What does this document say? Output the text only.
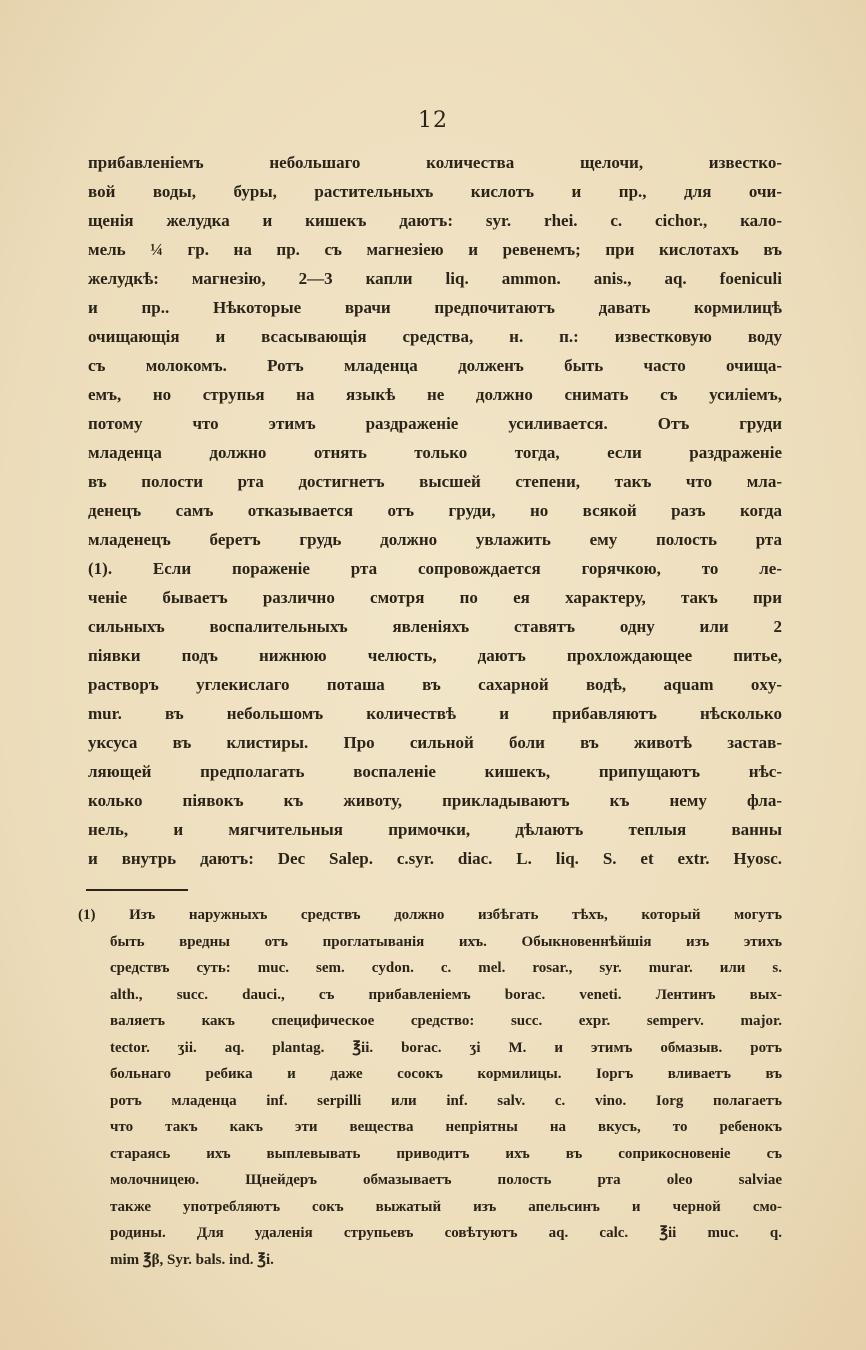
12
прибавленіемъ небольшаго количества щелочи, известко-
вой воды, буры, растительныхъ кислотъ и пр., для очи-
щенія желудка и кишекъ даютъ: syr. rhei. c. cichor., калo-
мель ¼ гр. на пр. съ магнезіею и ревенемъ; при кислотахъ въ
желудкѣ: магнезію, 2—3 капли liq. ammon. anis., aq. foeniculi
и пр.. Нѣкоторые врачи предпочитаютъ давать кормилицѣ
очищающія и всасывающія средства, н. п.: известковую воду
съ молокомъ. Ротъ младенца долженъ быть часто очища-
емъ, но струпья на языкѣ не должно снимать съ усиліемъ,
потому что этимъ раздраженіе усиливается. Отъ груди
младенца должно отнять только тогда, если раздраженіе
въ полости рта достигнетъ высшей степени, такъ что мла-
денецъ самъ отказывается отъ груди, но всякой разъ когда
младенецъ беретъ грудь должно увлажить ему полость рта
(1). Если пораженіе рта сопровождается горячкою, то ле-
ченіе бываетъ различно смотря по ея характеру, такъ при
сильныхъ воспалительныхъ явленіяхъ ставятъ одну или 2
піявки подъ нижнюю челюсть, даютъ прохлождающее питье,
растворъ углекислаго поташа въ сахарной водѣ, aquam oxy-
mur. въ небольшомъ количествѣ и прибавляютъ нѣсколько
уксуса въ клистиры. Про сильной боли въ животѣ застав-
ляющей предполагать воспаленіе кишекъ, припущаютъ нѣс-
колько піявокъ къ животу, прикладываютъ къ нему фла-
нель, и мягчительныя примочки, дѣлаютъ теплыя ванны
и внутрь даютъ: Dec Salep. c.syr. diac. L. liq. S. et extr. Hyosc.
(1) Изъ наружныхъ средствъ должно избѣгать тѣхъ, который могутъ
быть вредны отъ проглатыванія ихъ. Обыкновеннѣйшія изъ этихъ
средствъ суть: muc. sem. cydon. c. mel. rosar., syr. murar. или s.
alth., succ. dauci., съ прибавленіемъ borac. veneti. Лентинъ вых-
валяетъ какъ специфическое средство: succ. expr. semperv. major.
tector. ʒii. aq. plantag. ℥ii. borac. ʒi M. и этимъ обмазыв. ротъ
больнаго ребика и даже сосокъ кормилицы. Іоргъ вливаетъ въ
ротъ младенца inf. serpilli или inf. salv. c. vino. Iorg полагаетъ
что такъ какъ эти вещества непріятны на вкусъ, то ребенокъ
стараясь ихъ выплевывать приводитъ ихъ въ соприкосновеніе съ
молочницею. Щнейдеръ обмазываетъ полость рта oleo salviae
также употребляютъ сокъ выжатый изъ апельсинъ и черной смо-
родины. Для удаленія струпьевъ совѣтуютъ aq. calc. ℥ii muc. q.
mim ℥β, Syr. bals. ind. ℥i.
